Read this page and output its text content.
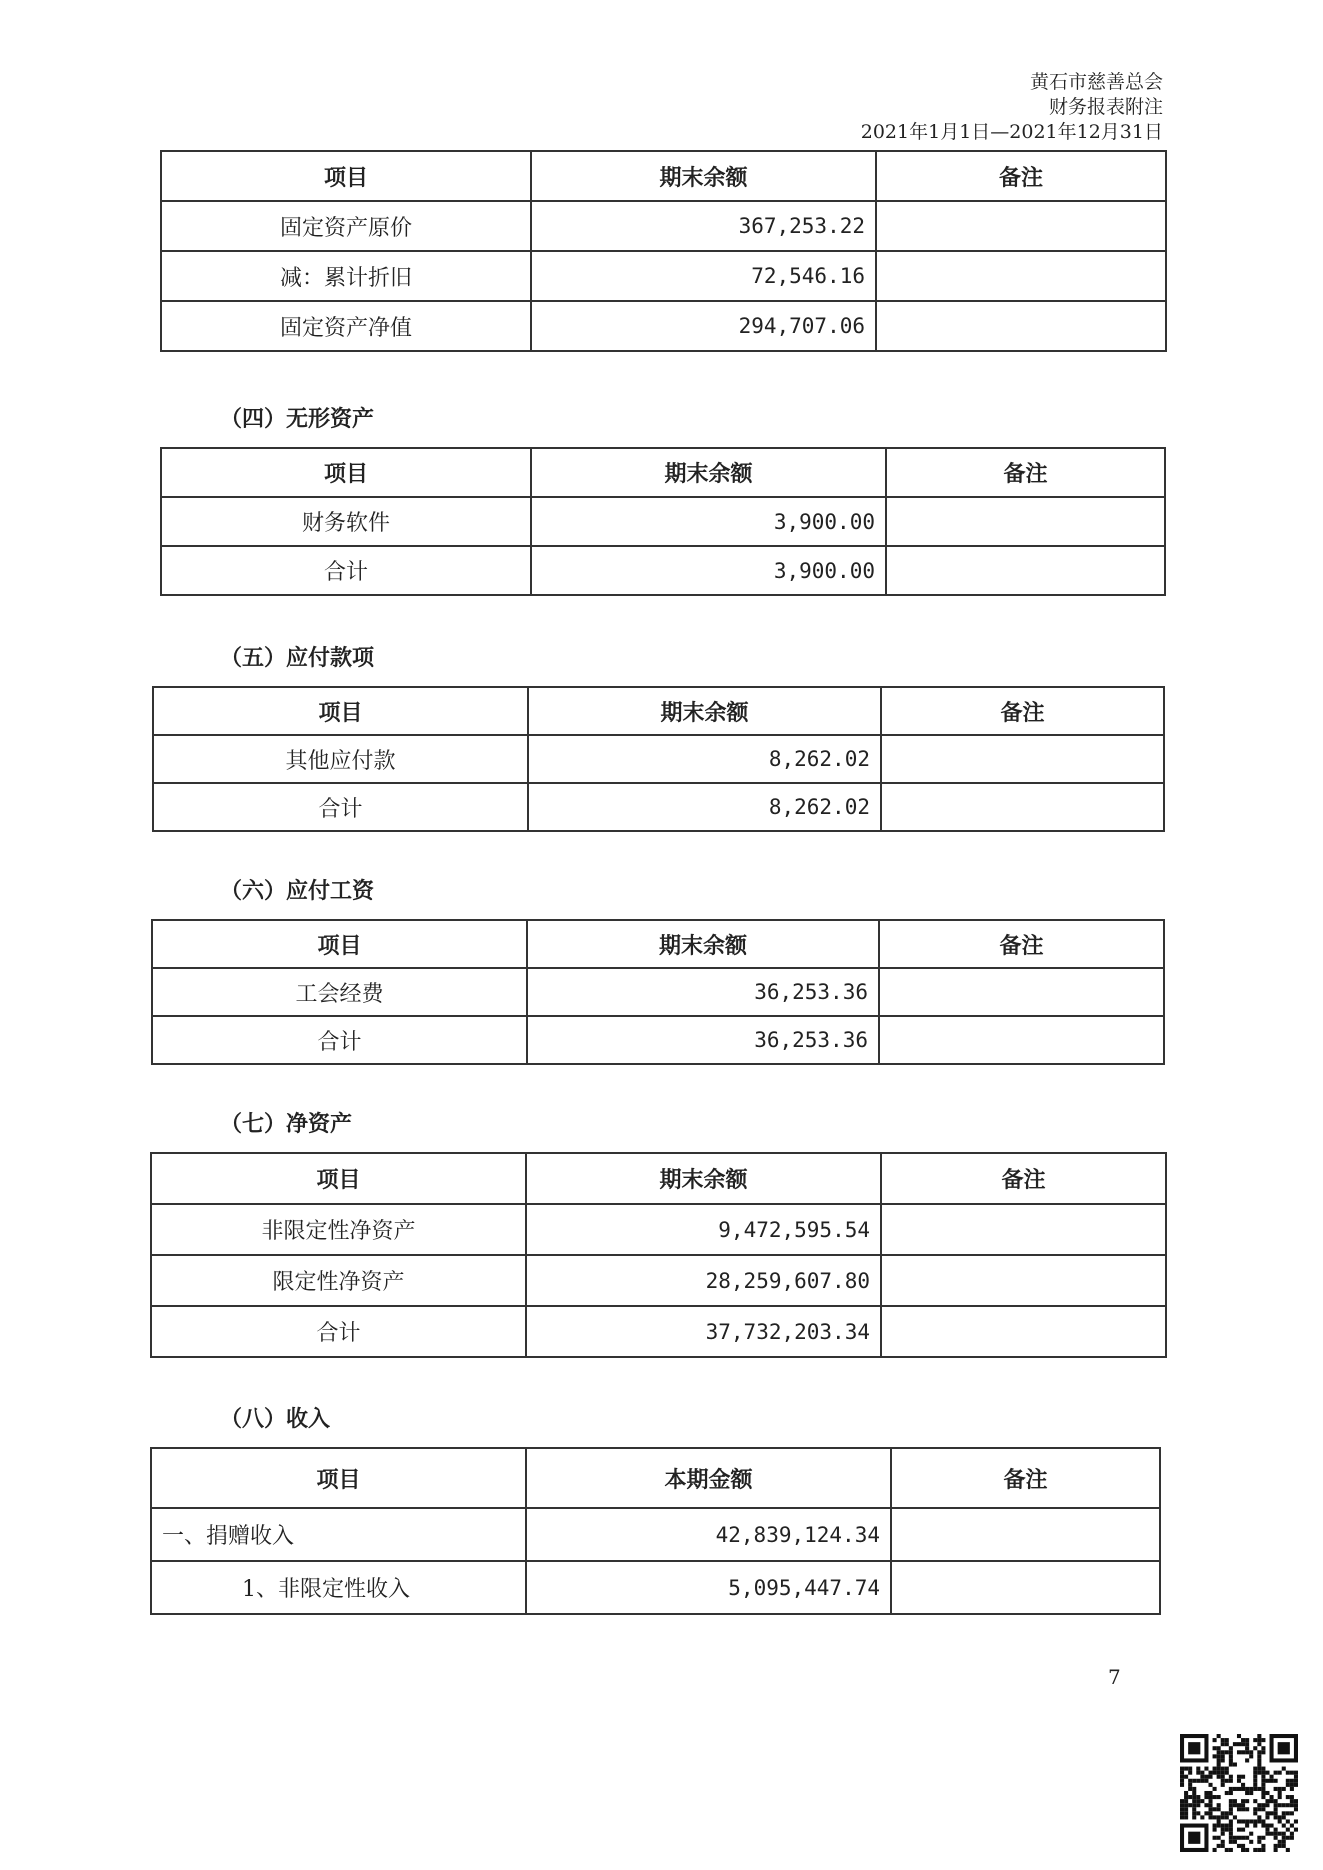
黄石市慈善总会
财务报表附注
2021年1月1日—2021年12月31日
项目	期末余额	备注
固定资产原价	367,253.22	
减：累计折旧	72,546.16	
固定资产净值	294,707.06	
（四）无形资产
项目	期末余额	备注
财务软件	3,900.00	
合计	3,900.00	
（五）应付款项
项目	期末余额	备注
其他应付款	8,262.02	
合计	8,262.02	
（六）应付工资
项目	期末余额	备注
工会经费	36,253.36	
合计	36,253.36	
（七）净资产
项目	期末余额	备注
非限定性净资产	9,472,595.54	
限定性净资产	28,259,607.80	
合计	37,732,203.34	
（八）收入
项目	本期金额	备注
一、捐赠收入	42,839,124.34	
1、非限定性收入	5,095,447.74	
7
